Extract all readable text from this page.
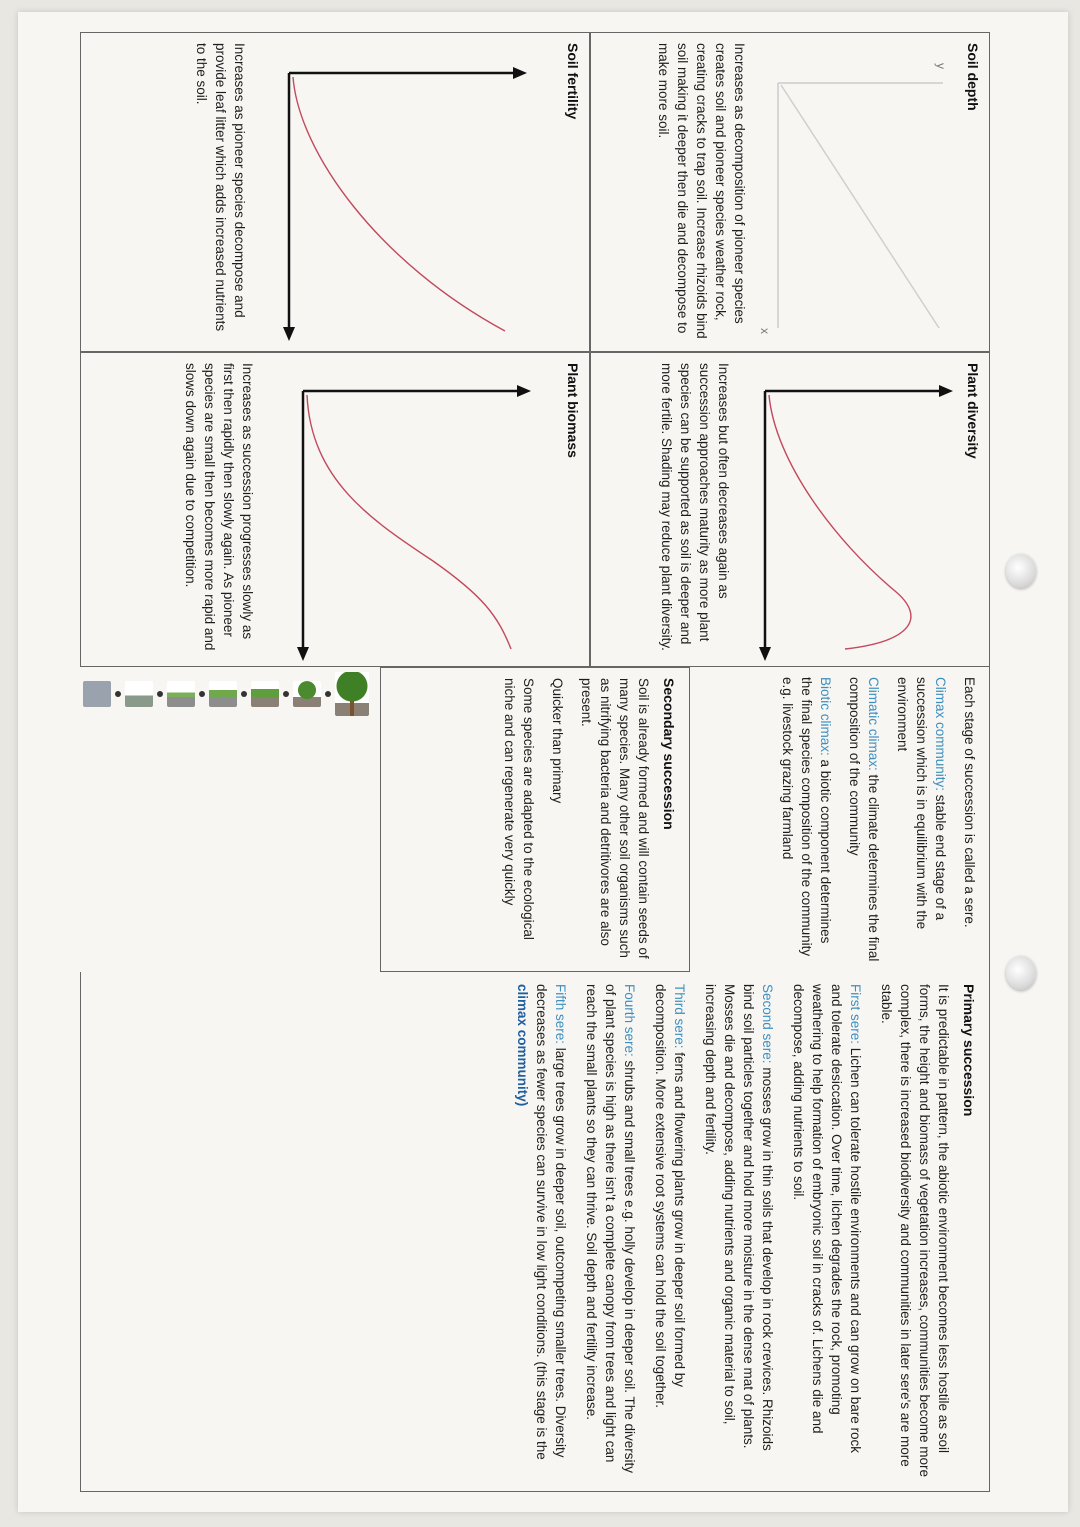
Soil depth
y
x

Increases as decomposition of pioneer species creates soil and pioneer species weather rock, creating cracks to trap soil. Increase rhizoids bind soil making it deeper then die and decompose to make more soil.

Soil fertility

Increases as pioneer species decompose and provide leaf litter which adds increased nutrients to the soil.

Plant diversity

Increases but often decreases again as succession approaches maturity as more plant species can be supported as soil is deeper and more fertile. Shading may reduce plant diversity.

Plant biomass

Increases as succession progresses slowly as first then rapidly then slowly again. As pioneer species are small then becomes more rapid and slows down again due to competition.

Each stage of succession is called a sere.

Climax community: stable end stage of a succession which is in equilibrium with the environment

Climatic climax: the climate determines the final composition of the community

Biotic climax: a biotic component determines the final species composition of the community e.g. livestock grazing farmland

Secondary succession

Soil is already formed and will contain seeds of many species. Many other soil organisms such as nitrifying bacteria and detritivores are also present.

Quicker than primary

Some species are adapted to the ecological niche and can regenerate very quickly

Primary succession

It is predictable in pattern, the abiotic environment becomes less hostile as soil forms, the height and biomass of vegetation increases, communities become more complex, there is increased biodiversity and communities in later sere's are more stable.

First sere: Lichen can tolerate hostile environments and can grow on bare rock and tolerate desiccation. Over time, lichen degrades the rock, promoting weathering to help formation of embryonic soil in cracks of. Lichens die and decompose, adding nutrients to soil.

Second sere: mosses grow in thin soils that develop in rock crevices. Rhizoids bind soil particles together and hold more moisture in the dense mat of plants. Mosses die and decompose, adding nutrients and organic material to soil, increasing depth and fertility.

Third sere: ferns and flowering plants grow in deeper soil formed by decomposition. More extensive root systems can hold the soil together.

Fourth sere: shrubs and small trees e.g. holly develop in deeper soil. The diversity of plant species is high as there isn't a complete canopy from trees and light can reach the small plants so they can thrive. Soil depth and fertility increase.

Fifth sere: large trees grow in deeper soil, outcompeting smaller trees. Diversity decreases as fewer species can survive in low light conditions. (this stage is the climax community)
